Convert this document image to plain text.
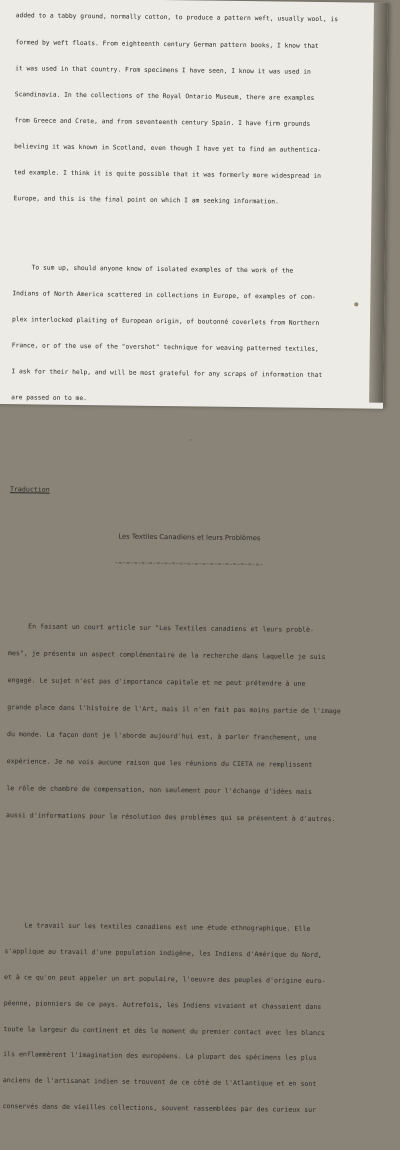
added to a tabby ground, normally cotton, to produce a pattern weft, usually wool, is

formed by weft floats. From eighteenth century German pattern books, I know that

it was used in that country. From specimens I have seen, I know it was used in

Scandinavia. In the collections of the Royal Ontario Museum, there are examples

from Greece and Crete, and from seventeenth century Spain. I have firm grounds

believing it was known in Scotland, even though I have yet to find an authentica-

ted example. I think it is quite possible that it was formerly more widespread in

Europe, and this is the final point on which I am seeking information.

To sum up, should anyone know of isolated examples of the work of the

Indians of North America scattered in collections in Europe, of examples of com-

plex interlocked plaiting of European origin, of boutonné coverlets from Northern

France, or of the use of the "overshot" technique for weaving patterned textiles,

I ask for their help, and will be most grateful for any scraps of information that

are passed on to me.

.

Traduction

Les Textiles Canadiens et leurs Problèmes

~=~=~=~=~=~=~=~=~=~=~=~=~=~=~=~=~=~=~=~

En faisant un court article sur "Les Textiles canadiens et leurs problè-

mes", je présente un aspect complémentaire de la recherche dans laquelle je suis

engagé. Le sujet n'est pas d'importance capitale et ne peut prétendre à une

grande place dans l'histoire de l'Art, mais il n'en fait pas moins partie de l'image

du monde. La façon dont je l'aborde aujourd'hui est, à parler franchement, une

expérience. Je ne vois aucune raison que les réunions du CIETA ne remplissent

le rôle de chambre de compensation, non seulement pour l'échange d'idées mais

aussi d'informations pour la résolution des problèmes qui se présentent à d'autres.

Le travail sur les textiles canadiens est une étude ethnographique. Elle

s'applique au travail d'une population indigène, les Indiens d'Amérique du Nord,

et à ce qu'on peut appeler un art populaire, l'oeuvre des peuples d'origine euro-

péenne, pionniers de ce pays. Autrefois, les Indiens vivaient et chassaient dans

toute la largeur du continent et dès le moment du premier contact avec les blancs

ils enflammèrent l'imagination des européens. La plupart des spécimens les plus

anciens de l'artisanat indien se trouvent de ce côté de l'Atlantique et en sont

conservés dans de vieilles collections, souvent rassemblées par des curieux sur
